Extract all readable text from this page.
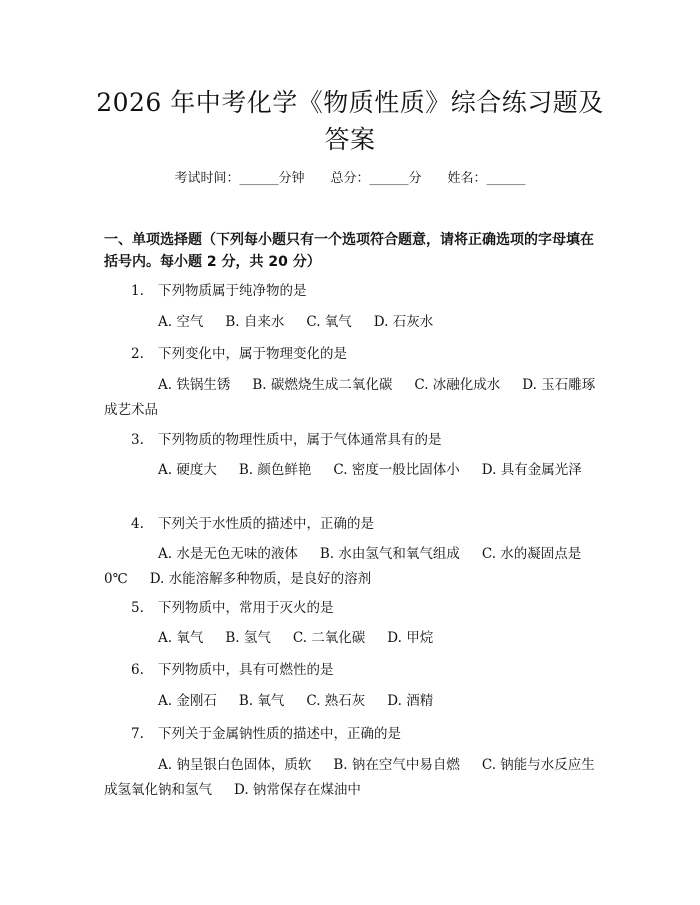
2026 年中考化学《物质性质》综合练习题及
答案
考试时间：______分钟 总分：______分 姓名：______
一、单项选择题（下列每小题只有一个选项符合题意，请将正确选项的字母填在括号内。每小题 2 分，共 20 分）
1. 下列物质属于纯净物的是
A. 空气 B. 自来水 C. 氧气 D. 石灰水
2. 下列变化中，属于物理变化的是
A. 铁锅生锈 B. 碳燃烧生成二氧化碳 C. 冰融化成水 D. 玉石雕琢成艺术品
3. 下列物质的物理性质中，属于气体通常具有的是
A. 硬度大 B. 颜色鲜艳 C. 密度一般比固体小 D. 具有金属光泽
4. 下列关于水性质的描述中，正确的是
A. 水是无色无味的液体 B. 水由氢气和氧气组成 C. 水的凝固点是 0℃ D. 水能溶解多种物质，是良好的溶剂
5. 下列物质中，常用于灭火的是
A. 氧气 B. 氢气 C. 二氧化碳 D. 甲烷
6. 下列物质中，具有可燃性的是
A. 金刚石 B. 氧气 C. 熟石灰 D. 酒精
7. 下列关于金属钠性质的描述中，正确的是
A. 钠呈银白色固体，质软 B. 钠在空气中易自燃 C. 钠能与水反应生成氢氧化钠和氢气 D. 钠常保存在煤油中
